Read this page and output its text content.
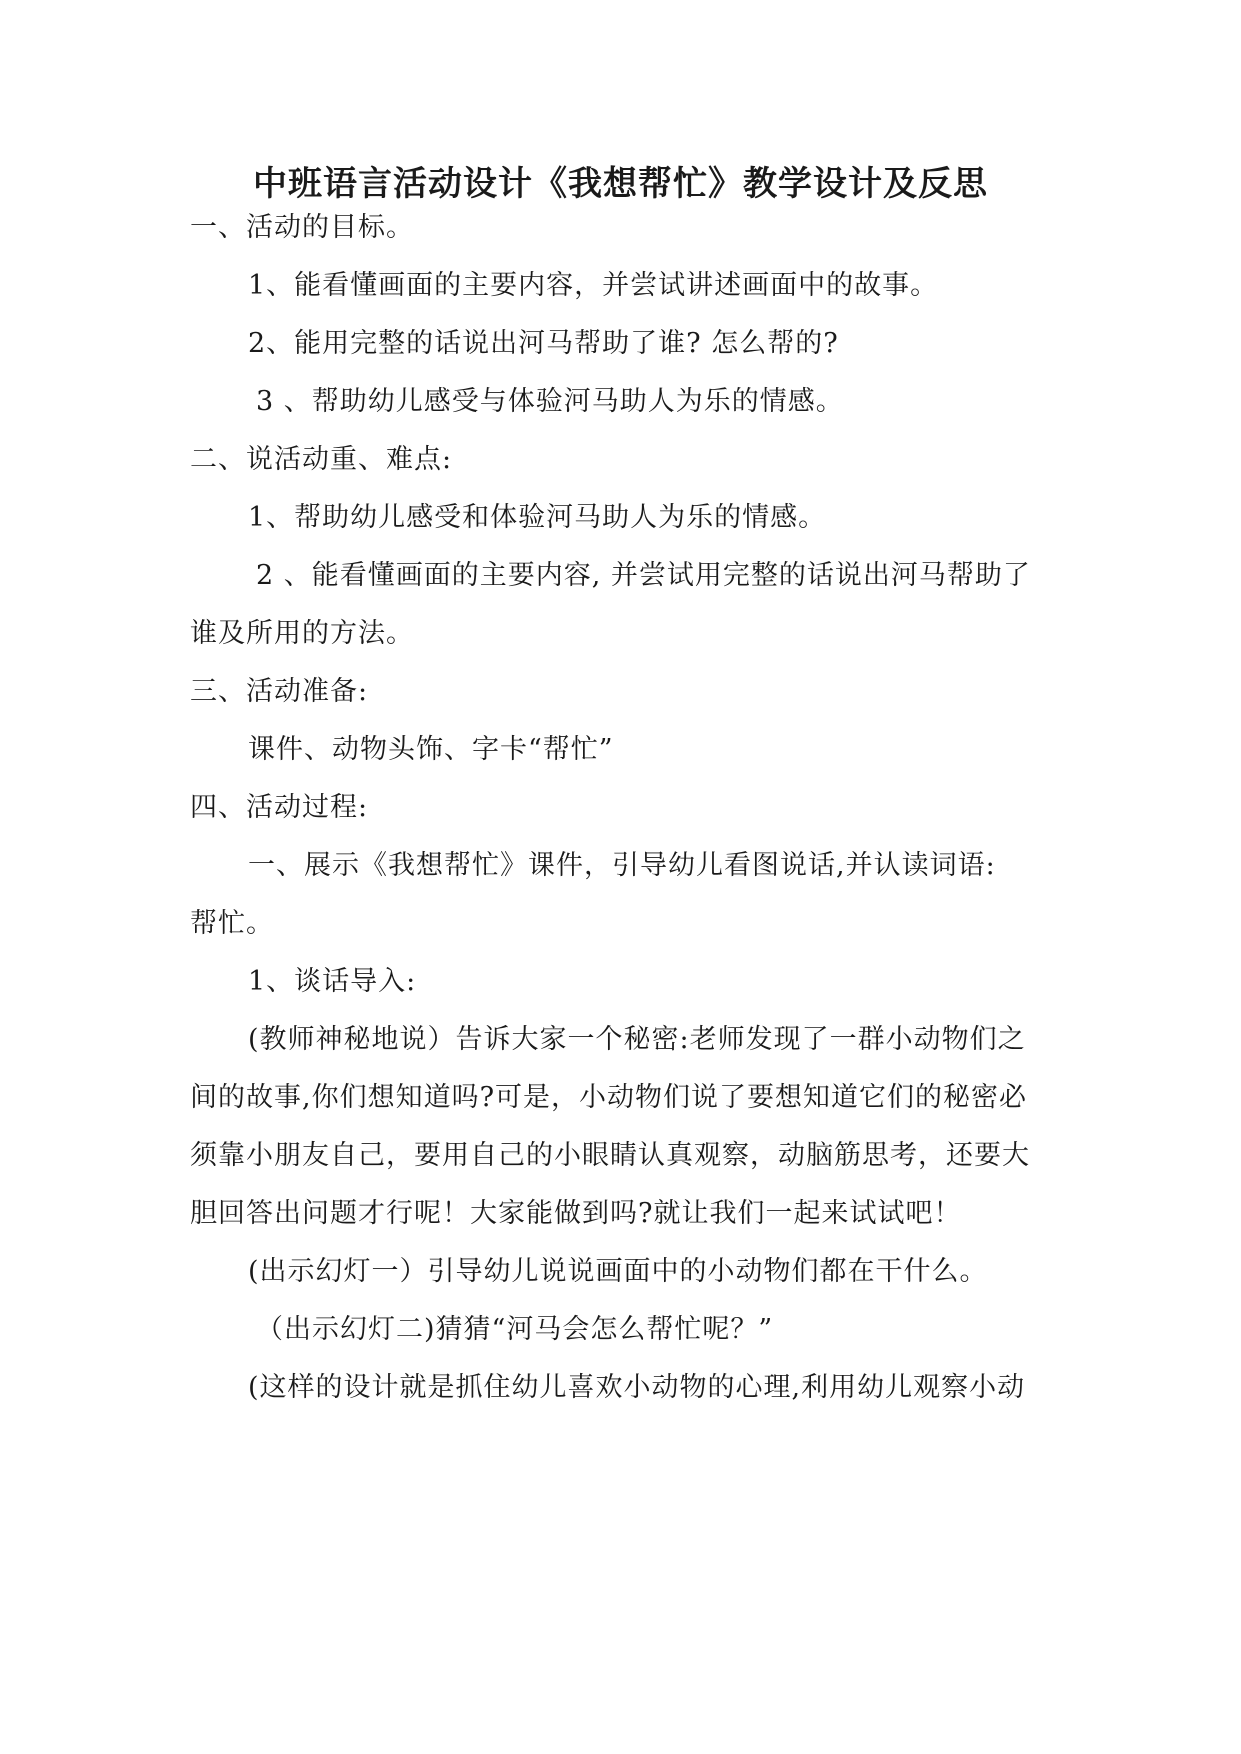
中班语言活动设计《我想帮忙》教学设计及反思
一、活动的目标。
1、能看懂画面的主要内容，并尝试讲述画面中的故事。
2、能用完整的话说出河马帮助了谁? 怎么帮的?
3 、帮助幼儿感受与体验河马助人为乐的情感。
二、说活动重、难点:
1、帮助幼儿感受和体验河马助人为乐的情感。
2 、能看懂画面的主要内容, 并尝试用完整的话说出河马帮助了
谁及所用的方法。
三、活动准备:
课件、动物头饰、字卡“帮忙”
四、活动过程:
一、展示《我想帮忙》课件，引导幼儿看图说话,并认读词语:
帮忙。
1、谈话导入:
(教师神秘地说）告诉大家一个秘密:老师发现了一群小动物们之
间的故事,你们想知道吗?可是，小动物们说了要想知道它们的秘密必
须靠小朋友自己，要用自己的小眼睛认真观察，动脑筋思考，还要大
胆回答出问题才行呢！大家能做到吗?就让我们一起来试试吧！
(出示幻灯一）引导幼儿说说画面中的小动物们都在干什么。
（出示幻灯二)猜猜“河马会怎么帮忙呢？”
(这样的设计就是抓住幼儿喜欢小动物的心理,利用幼儿观察小动
